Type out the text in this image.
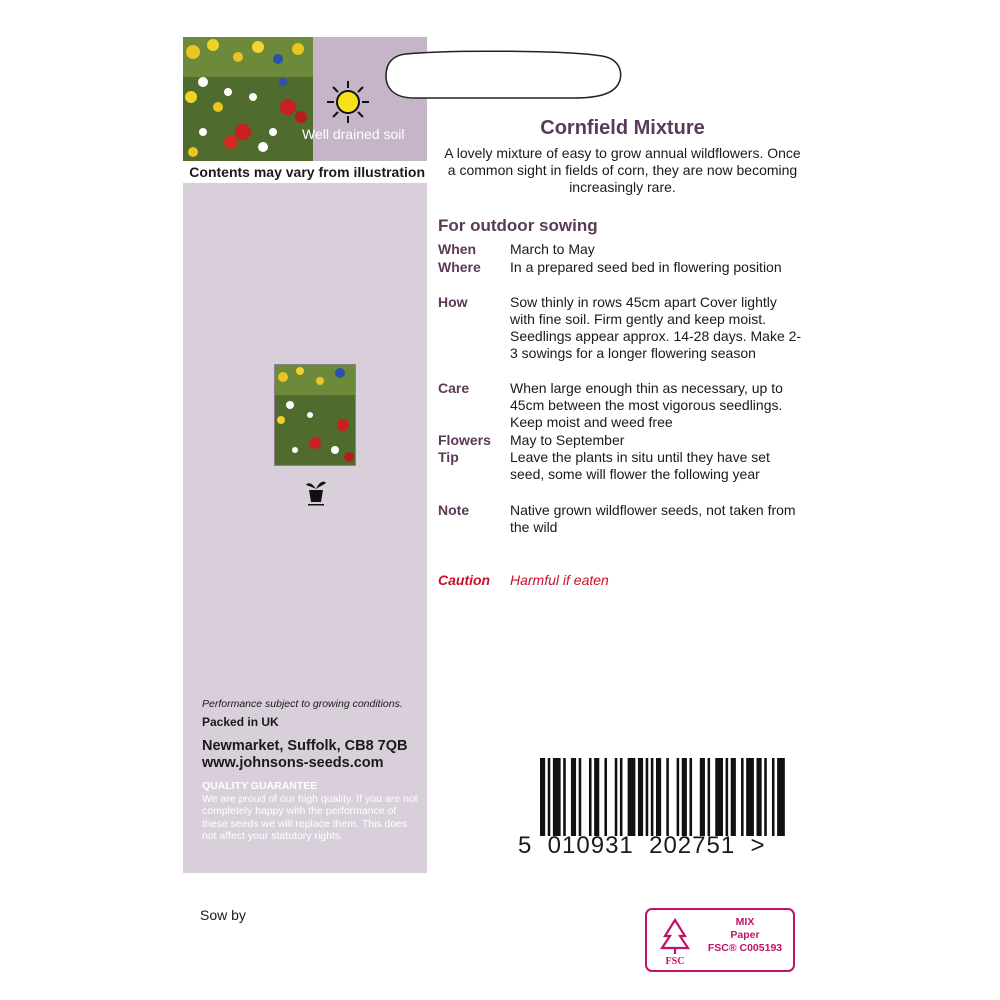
Well drained soil
Contents may vary from illustration
Performance subject to growing conditions.
Packed in UK
Newmarket, Suffolk, CB8 7QB
www.johnsons-seeds.com
QUALITY GUARANTEE
We are proud of our high quality. If you are not completely happy with the performance of these seeds we will replace them. This does not affect your statutory rights.
Cornfield Mixture
A lovely mixture of easy to grow annual wildflowers. Once a common sight in fields of corn, they are now becoming increasingly rare.
For outdoor sowing
When	March to May
Where	In a prepared seed bed in flowering position
How	Sow thinly in rows 45cm apart Cover lightly with fine soil. Firm gently and keep moist. Seedlings appear approx. 14-28 days. Make 2-3 sowings for a longer flowering season
Care	When large enough thin as necessary, up to 45cm between the most vigorous seedlings. Keep moist and weed free
Flowers	May to September
Tip	Leave the plants in situ until they have set seed, some will flower the following year
Note	Native grown wildflower seeds, not taken from the wild
Caution Harmful if eaten
5  010931  202751  >
Sow by
FSC
MIX
Paper
FSC® C005193
